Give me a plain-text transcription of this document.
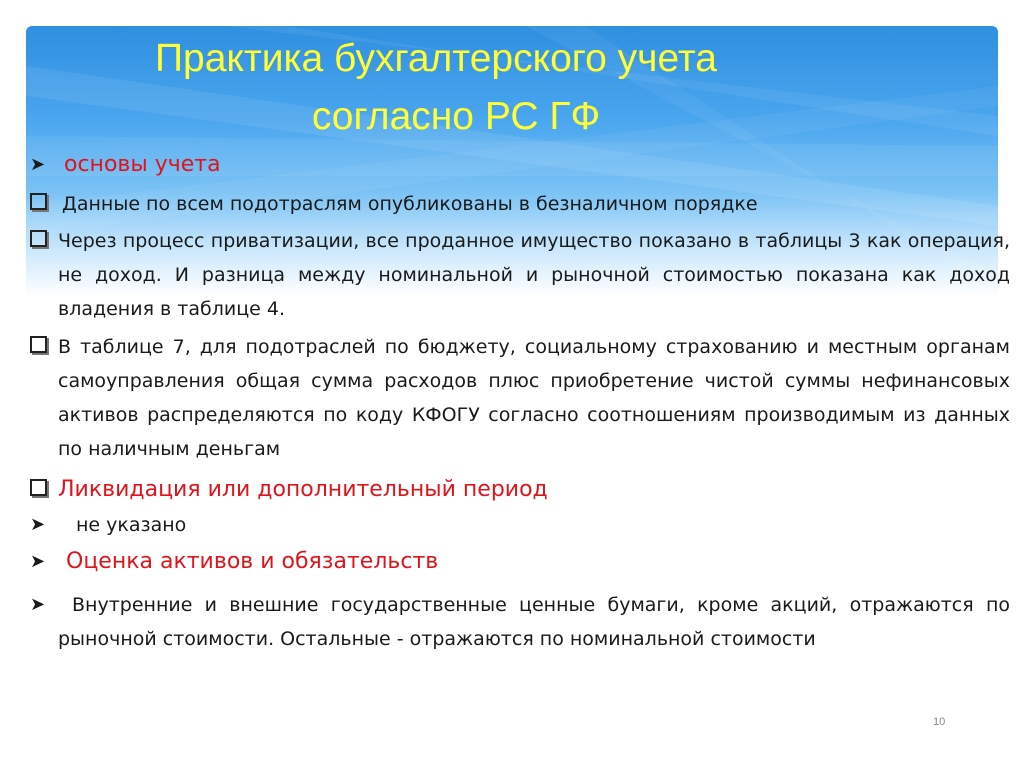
Практика бухгалтерского учета
согласно РС ГФ
➤ основы учета
Данные по всем подотраслям опубликованы в безналичном порядке
Через процесс приватизации, все проданное имущество показано в таблицы 3 как операция, не доход. И разница между номинальной и рыночной стоимостью показана как доход владения в таблице 4.
В таблице 7, для подотраслей по бюджету, социальному страхованию и местным органам самоуправления общая сумма расходов плюс приобретение чистой суммы нефинансовых активов распределяются по коду КФОГУ согласно соотношениям производимым из данных по наличным деньгам
Ликвидация или дополнительный период
➤	не указано
➤ Оценка активов и обязательств
➤	Внутренние и внешние государственные ценные бумаги, кроме акций, отражаются по рыночной стоимости. Остальные - отражаются по номинальной стоимости
10
